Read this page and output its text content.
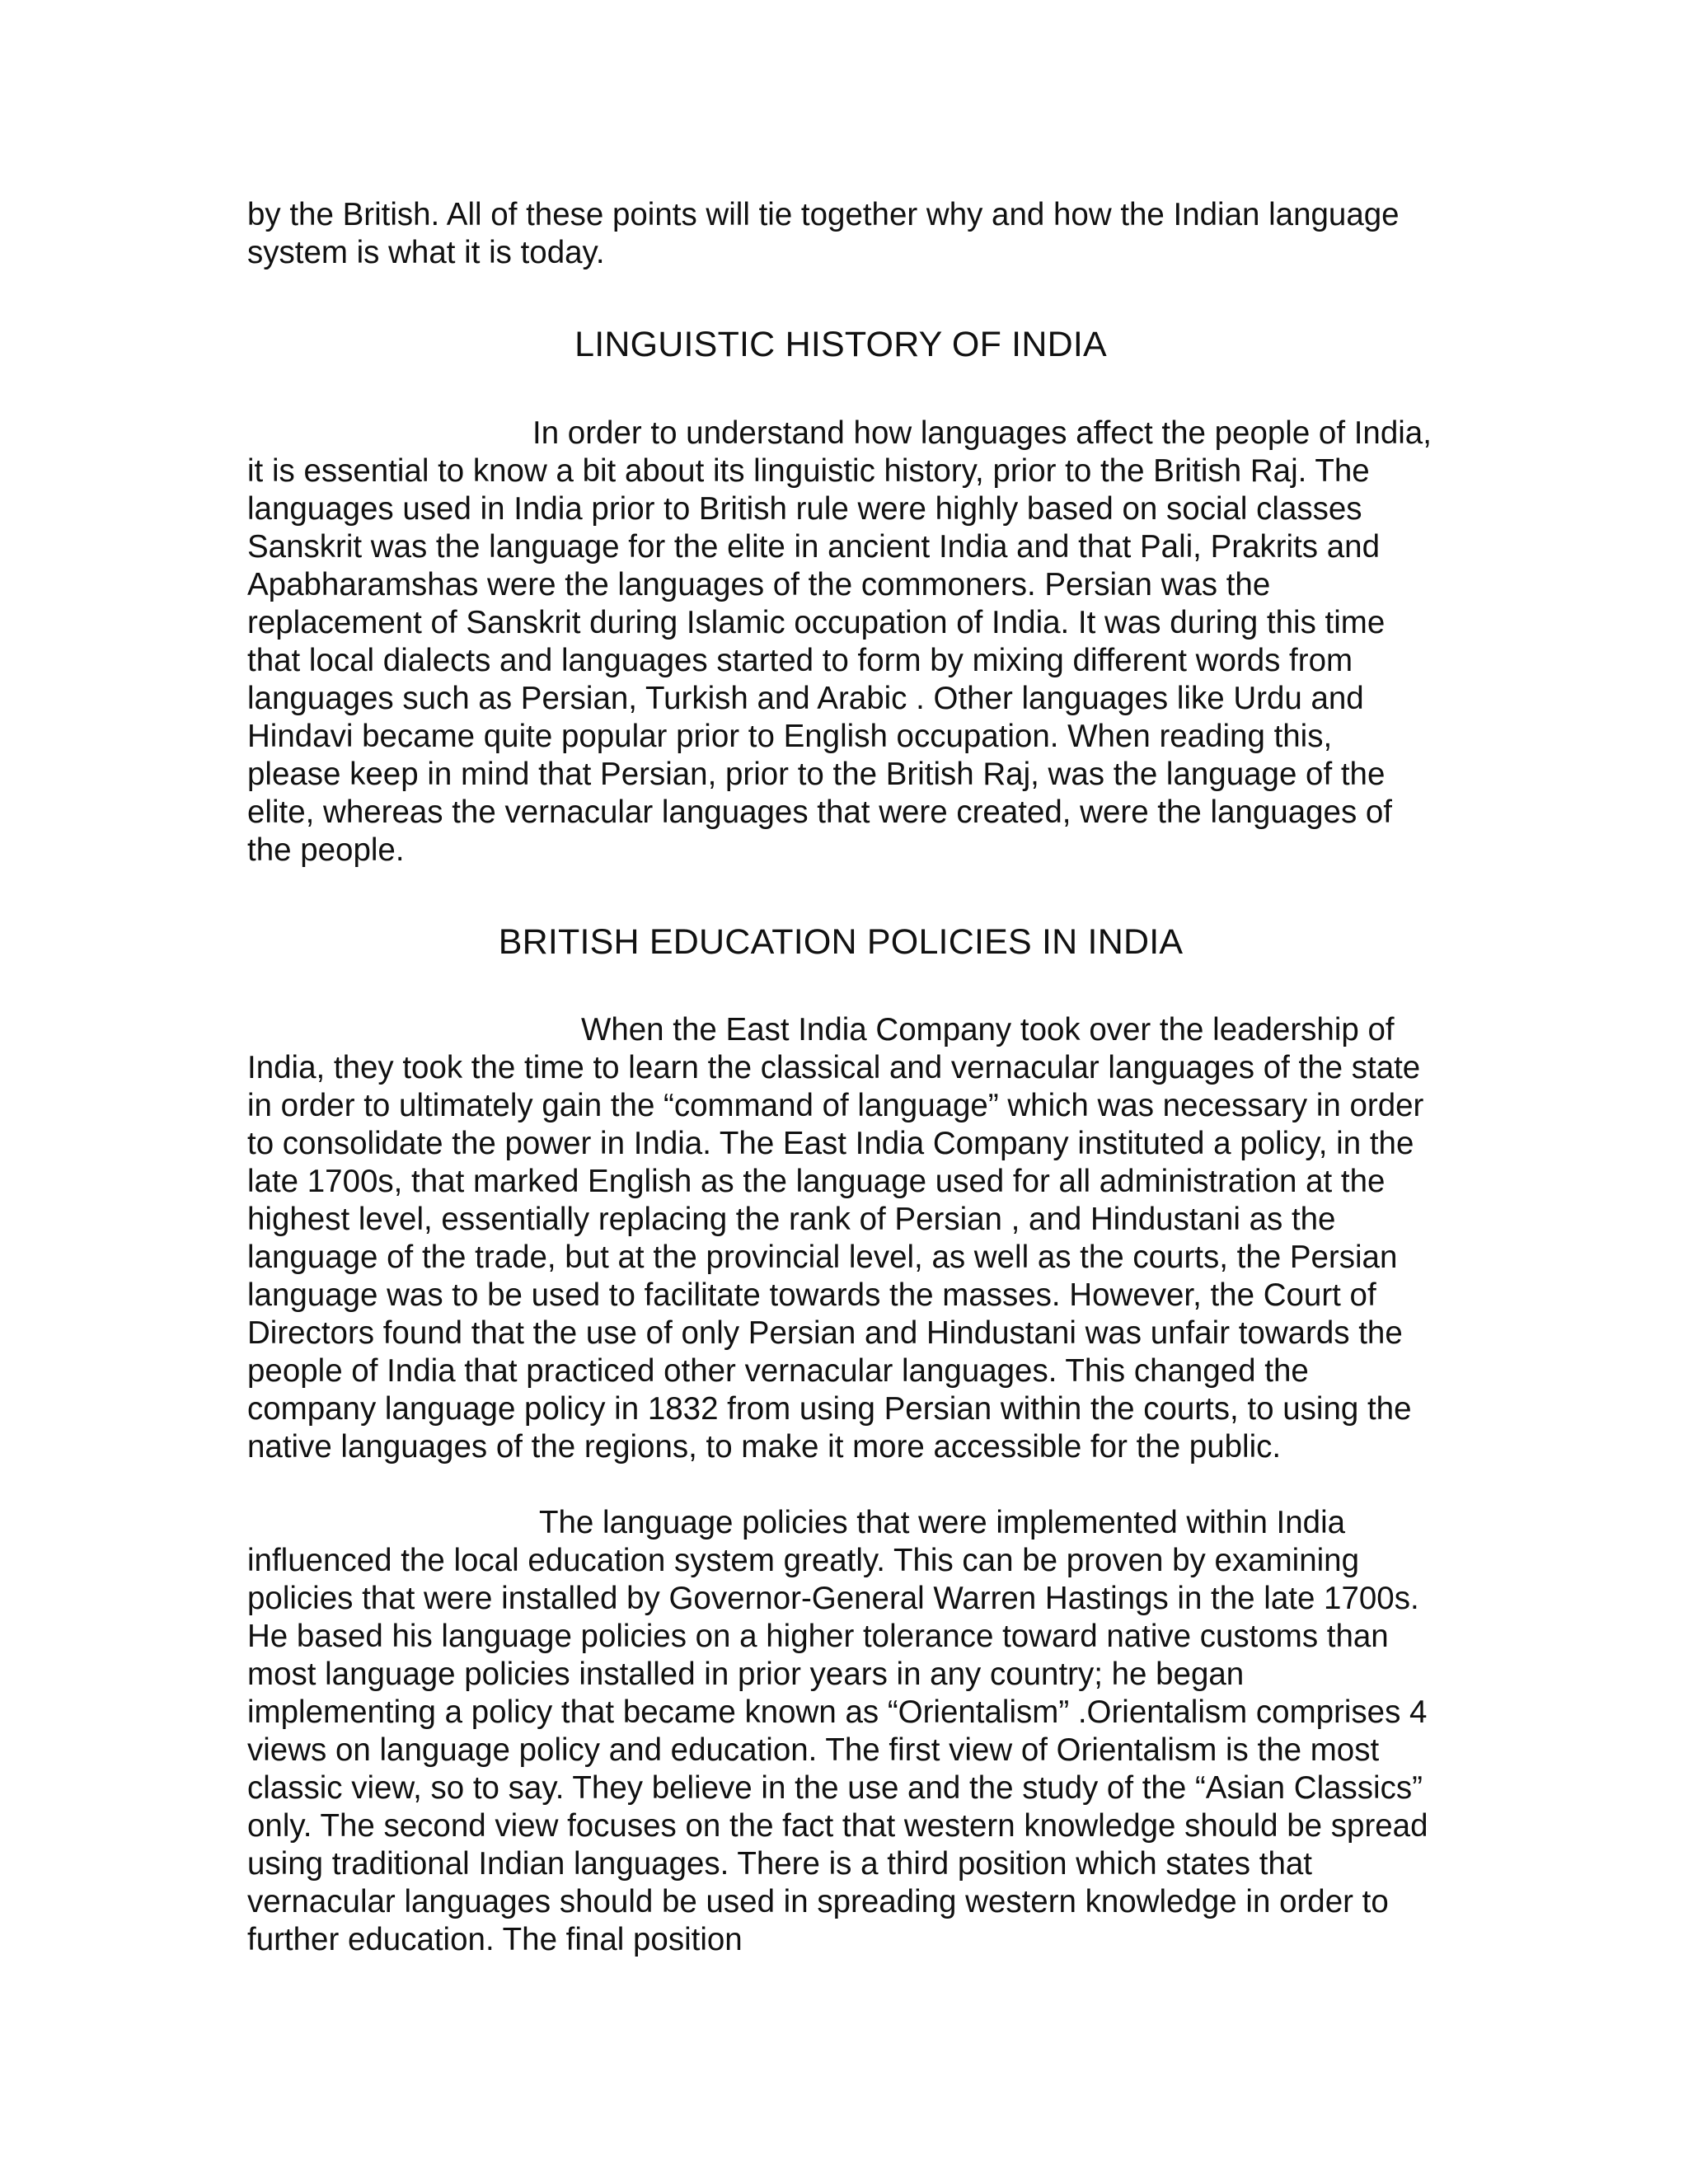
by the British. All of these points will tie together why and how the Indian language system is what it is today.

LINGUISTIC HISTORY OF INDIA

In order to understand how languages affect the people of India, it is essential to know a bit about its linguistic history, prior to the British Raj. The languages used in India prior to British rule were highly based on social classes Sanskrit was the language for the elite in ancient India and that Pali, Prakrits and Apabharamshas were the languages of the commoners. Persian was the replacement of Sanskrit during Islamic occupation of India. It was during this time that local dialects and languages started to form by mixing different words from languages such as Persian, Turkish and Arabic . Other languages like Urdu and Hindavi became quite popular prior to English occupation. When reading this, please keep in mind that Persian, prior to the British Raj, was the language of the elite, whereas the vernacular languages that were created, were the languages of the people.

BRITISH EDUCATION POLICIES IN INDIA

When the East India Company took over the leadership of India, they took the time to learn the classical and vernacular languages of the state in order to ultimately gain the “command of language” which was necessary in order to consolidate the power in India. The East India Company instituted a policy, in the late 1700s, that marked English as the language used for all administration at the highest level, essentially replacing the rank of Persian , and Hindustani as the language of the trade, but at the provincial level, as well as the courts, the Persian language was to be used to facilitate towards the masses. However, the Court of Directors found that the use of only Persian and Hindustani was unfair towards the people of India that practiced other vernacular languages. This changed the company language policy in 1832 from using Persian within the courts, to using the native languages of the regions, to make it more accessible for the public.

The language policies that were implemented within India influenced the local education system greatly. This can be proven by examining policies that were installed by Governor-General Warren Hastings in the late 1700s. He based his language policies on a higher tolerance toward native customs than most language policies installed in prior years in any country; he began implementing a policy that became known as “Orientalism” .Orientalism comprises 4 views on language policy and education. The first view of Orientalism is the most classic view, so to say. They believe in the use and the study of the “Asian Classics” only. The second view focuses on the fact that western knowledge should be spread using traditional Indian languages. There is a third position which states that vernacular languages should be used in spreading western knowledge in order to further education. The final position
